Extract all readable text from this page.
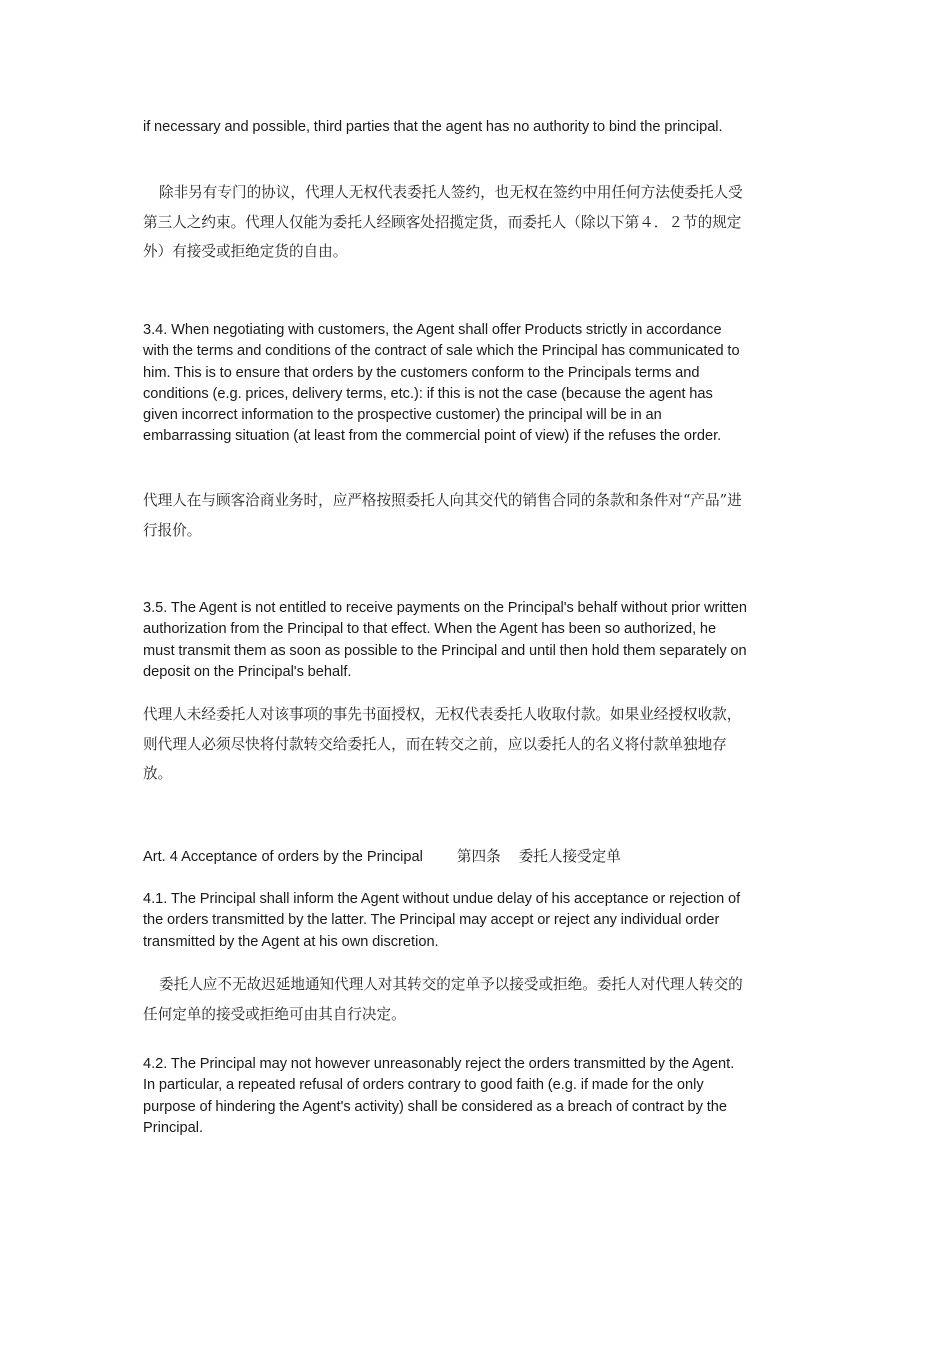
if necessary and possible, third parties that the agent has no authority to bind the principal.

除非另有专门的协议，代理人无权代表委托人签约，也无权在签约中用任何方法使委托人受第三人之约束。代理人仅能为委托人经顾客处招揽定货，而委托人（除以下第４．２节的规定外）有接受或拒绝定货的自由。

3.4. When negotiating with customers, the Agent shall offer Products strictly in accordance with the terms and conditions of the contract of sale which the Principal has communicated to him. This is to ensure that orders by the customers conform to the Principals terms and conditions (e.g. prices, delivery terms, etc.): if this is not the case (because the agent has given incorrect information to the prospective customer) the principal will be in an embarrassing situation (at least from the commercial point of view) if the refuses the order.

代理人在与顾客洽商业务时，应严格按照委托人向其交代的销售合同的条款和条件对“产品”进行报价。

3.5. The Agent is not entitled to receive payments on the Principal's behalf without prior written authorization from the Principal to that effect. When the Agent has been so authorized, he must transmit them as soon as possible to the Principal and until then hold them separately on deposit on the Principal's behalf.

代理人未经委托人对该事项的事先书面授权，无权代表委托人收取付款。如果业经授权收款，则代理人必须尽快将付款转交给委托人，而在转交之前，应以委托人的名义将付款单独地存放。

Art. 4 Acceptance of orders by the Principal 第四条 委托人接受定单

4.1. The Principal shall inform the Agent without undue delay of his acceptance or rejection of the orders transmitted by the latter. The Principal may accept or reject any individual order transmitted by the Agent at his own discretion.

委托人应不无故迟延地通知代理人对其转交的定单予以接受或拒绝。委托人对代理人转交的任何定单的接受或拒绝可由其自行决定。

4.2. The Principal may not however unreasonably reject the orders transmitted by the Agent. In particular, a repeated refusal of orders contrary to good faith (e.g. if made for the only purpose of hindering the Agent's activity) shall be considered as a breach of contract by the Principal.
